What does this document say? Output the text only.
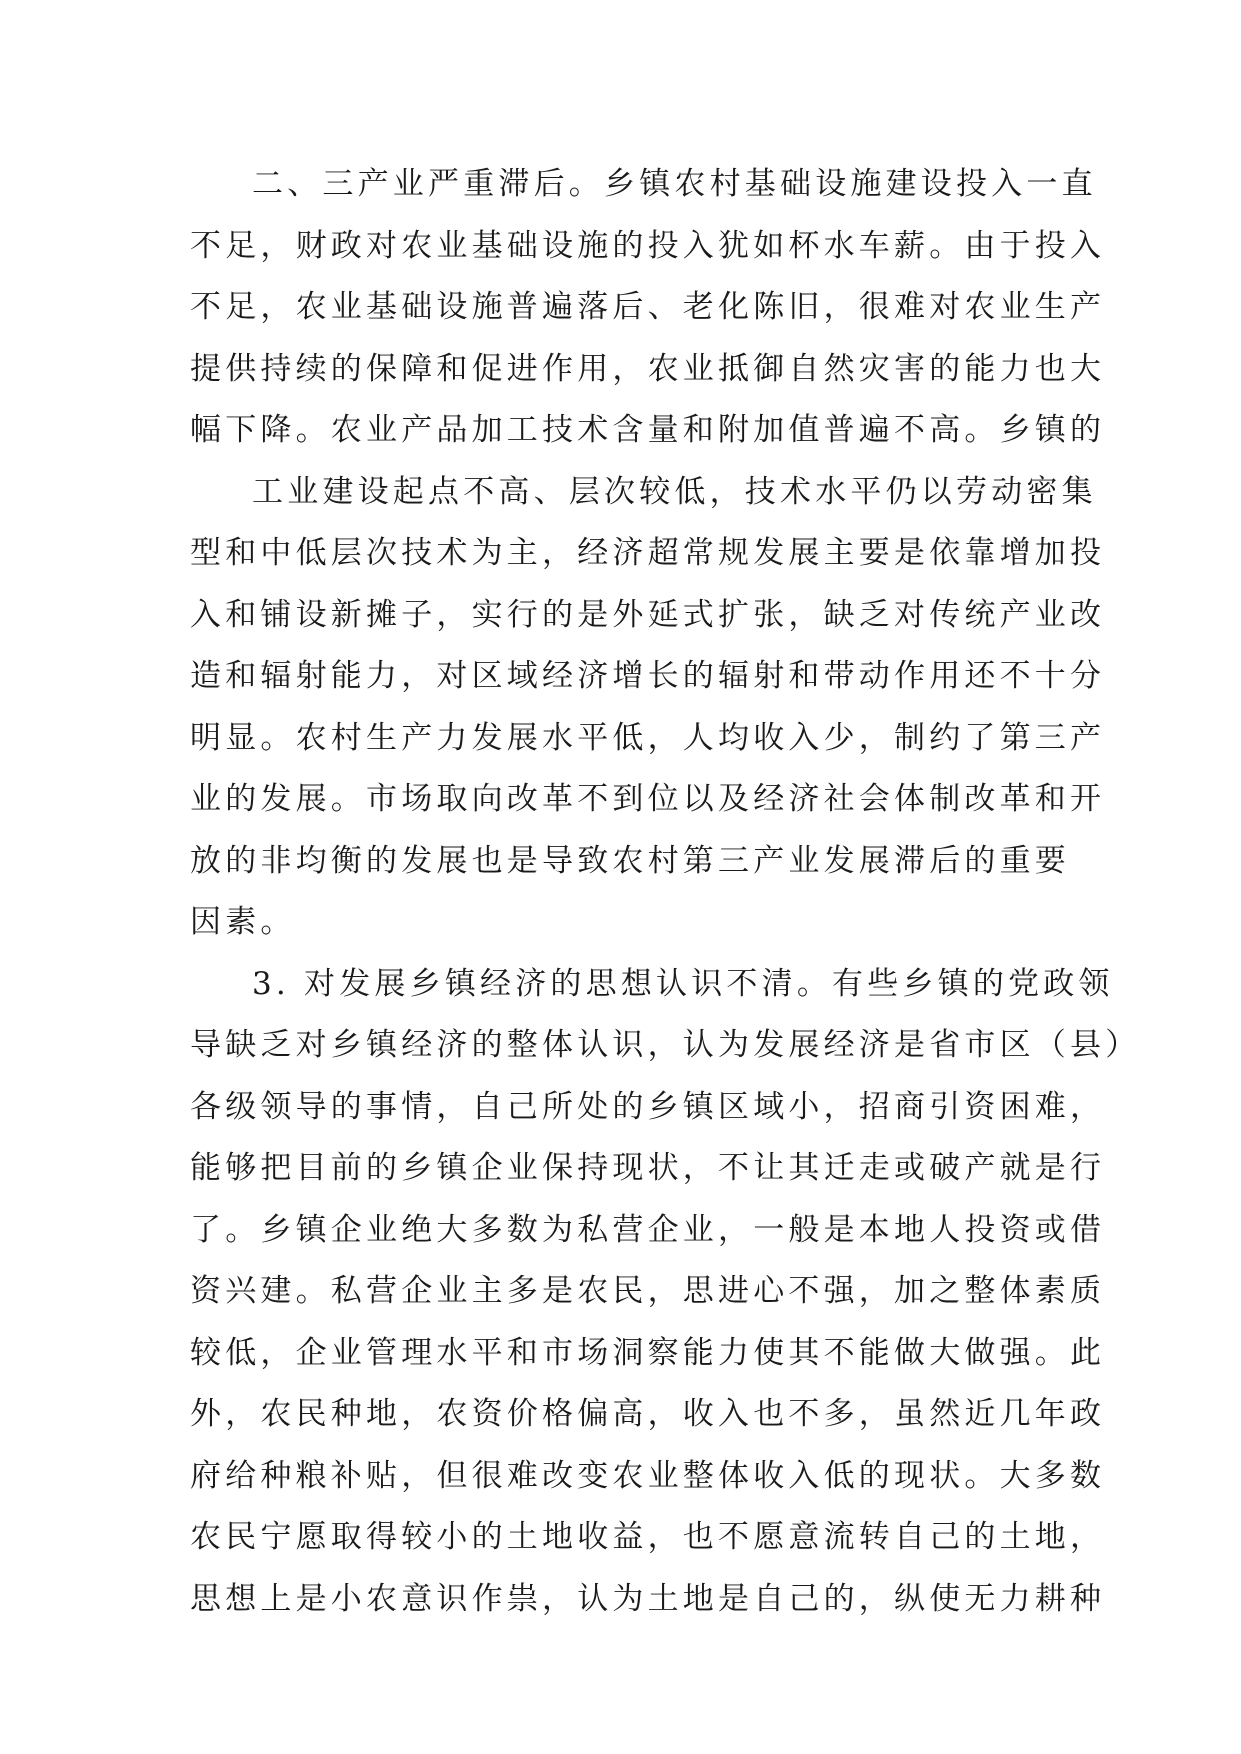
二、三产业严重滞后。乡镇农村基础设施建设投入一直
不足，财政对农业基础设施的投入犹如杯水车薪。由于投入
不足，农业基础设施普遍落后、老化陈旧，很难对农业生产
提供持续的保障和促进作用，农业抵御自然灾害的能力也大
幅下降。农业产品加工技术含量和附加值普遍不高。乡镇的
工业建设起点不高、层次较低，技术水平仍以劳动密集
型和中低层次技术为主，经济超常规发展主要是依靠增加投
入和铺设新摊子，实行的是外延式扩张，缺乏对传统产业改
造和辐射能力，对区域经济增长的辐射和带动作用还不十分
明显。农村生产力发展水平低，人均收入少，制约了第三产
业的发展。市场取向改革不到位以及经济社会体制改革和开
放的非均衡的发展也是导致农村第三产业发展滞后的重要
因素。
3. 对发展乡镇经济的思想认识不清。有些乡镇的党政领
导缺乏对乡镇经济的整体认识，认为发展经济是省市区（县）
各级领导的事情，自己所处的乡镇区域小，招商引资困难，
能够把目前的乡镇企业保持现状，不让其迁走或破产就是行
了。乡镇企业绝大多数为私营企业，一般是本地人投资或借
资兴建。私营企业主多是农民，思进心不强，加之整体素质
较低，企业管理水平和市场洞察能力使其不能做大做强。此
外，农民种地，农资价格偏高，收入也不多，虽然近几年政
府给种粮补贴，但很难改变农业整体收入低的现状。大多数
农民宁愿取得较小的土地收益，也不愿意流转自己的土地，
思想上是小农意识作祟，认为土地是自己的，纵使无力耕种
